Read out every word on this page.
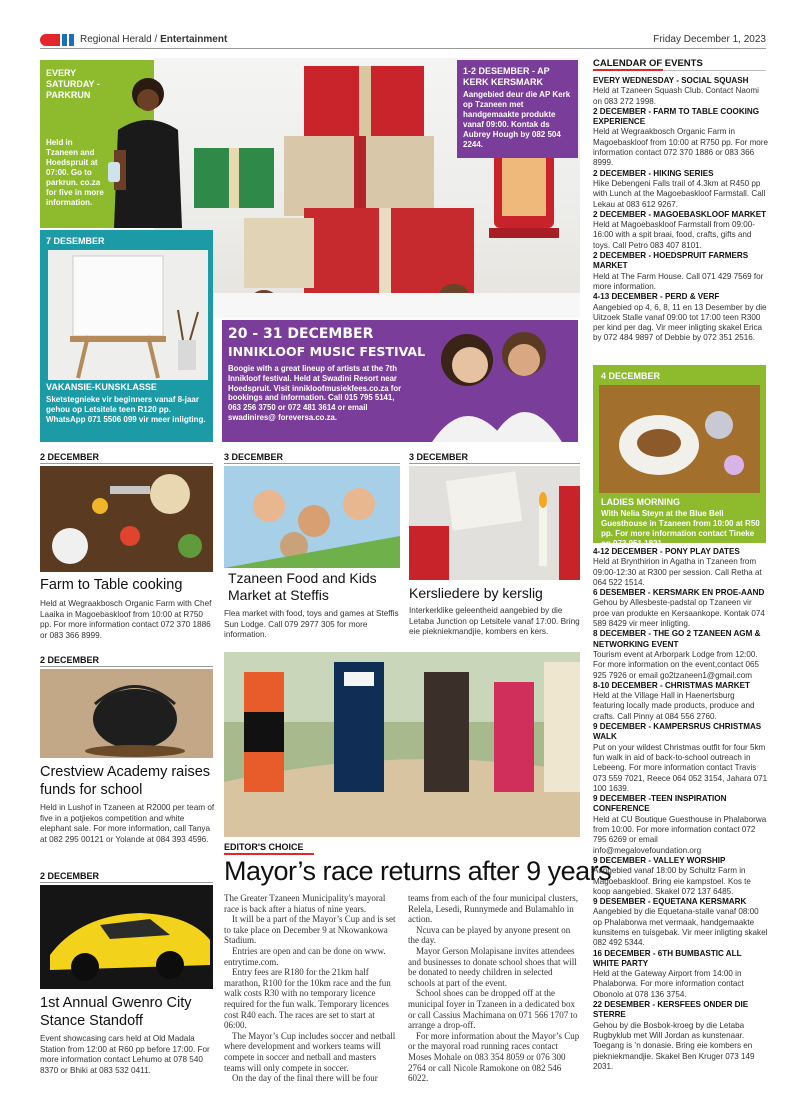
Regional Herald / Entertainment	Friday December 1, 2023
EVERY SATURDAY - PARKRUN
Held in Tzaneen and Hoedspruit at 07:00. Go to parkrun. co.za for five in more information.
1-2 DESEMBER - AP KERK KERSMARK
Aangebied deur die AP Kerk op Tzaneen met handgemaakte produkte vanaf 09:00. Kontak ds Aubrey Hough by 082 504 2244.
7 DESEMBER
VAKANSIE-KUNSKLASSE
Sketstegnieke vir beginners vanaf 8-jaar gehou op Letsitele teen R120 pp. WhatsApp 071 5506 099 vir meer inligting.
20 - 31 DECEMBER
INNIKLOOF MUSIC FESTIVAL
Boogie with a great lineup of artists at the 7th Innikloof festival. Held at Swadini Resort near Hoedspruit. Visit innikloofmusiekfees.co.za for bookings and information. Call 015 795 5141, 063 256 3750 or 072 481 3614 or email swadinires@ foreversa.co.za.
2 DECEMBER
Farm to Table cooking
Held at Wegraakbosch Organic Farm with Chef Laaika in Magoebaskloof from 10:00 at R750 pp. For more information contact 072 370 1886 or 083 366 8999.
3 DECEMBER
Tzaneen Food and Kids Market at Steffis
Flea market with food, toys and games at Steffis Sun Lodge. Call 079 2977 305 for more information.
3 DECEMBER
Kersliedere by kerslig
Interkerklike geleentheid aangebied by die Letaba Junction op Letsitele vanaf 17:00. Bring eie piekniekmandjie, kombers en kers.
4 DECEMBER
LADIES MORNING
With Nelia Steyn at the Blue Bell Guesthouse in Tzaneen from 10:00 at R50 pp. For more information contact Tineke on 073 951 1821.
2 DECEMBER
Crestview Academy raises funds for school
Held in Lushof in Tzaneen at R2000 per team of five in a potjiekos competition and white elephant sale. For more information, call Tanya at 082 295 00121 or Yolande at 084 393 4596.
EDITOR'S CHOICE
Mayor’s race returns after 9 years

The Greater Tzaneen Municipality's mayoral race is back after a hiatus of nine years.

It will be a part of the Mayor’s Cup and is set to take place on December 9 at Nkowankowa Stadium.

Entries are open and can be done on www. entrytime.com.

Entry fees are R180 for the 21km half marathon, R100 for the 10km race and the fun walk costs R30 with no temporary licence required for the fun walk. Temporary licences cost R40 each. The races are set to start at 06:00.

The Mayor’s Cup includes soccer and netball where development and workers teams will compete in soccer and netball and masters teams will only compete in soccer.

On the day of the final there will be four

teams from each of the four municipal clusters, Relela, Lesedi, Runnymede and Bulamahlo in action.

Ncuva can be played by anyone present on the day.

Mayor Gerson Molapisane invites attendees and businesses to donate school shoes that will be donated to needy children in selected schools at part of the event.

School shoes can be dropped off at the municipal foyer in Tzaneen in a dedicated box or call Cassius Machimana on 071 566 1707 to arrange a drop-off.

For more information about the Mayor’s Cup or the mayoral road running races contact Moses Mohale on 083 354 8059 or 076 300 2764 or call Nicole Ramokone on 082 546 6022.

2 DECEMBER
1st Annual Gwenro City Stance Standoff
Event showcasing cars held at Old Madala Station from 12:00 at R60 pp before 17:00. For more information contact Lehumo at 078 540 8370 or Bhiki at 083 532 0411.
CALENDAR OF EVENTS
EVERY WEDNESDAY - SOCIAL SQUASH
Held at Tzaneen Squash Club. Contact Naomi on 083 272 1998.
2 DECEMBER - FARM TO TABLE COOKING EXPERIENCE
Held at Wegraakbosch Organic Farm in Magoebaskloof from 10:00 at R750 pp. For more information contact 072 370 1886 or 083 366 8999.
2 DECEMBER - HIKING SERIES
Hike Debengeni Falls trail of 4.3km at R450 pp with Lunch at the Magoebaskloof Farmstall. Call Lekau at 083 612 9267.
2 DECEMBER - MAGOEBASKLOOF MARKET
Held at Magoebaskloof Farmstall from 09:00-16:00 with a spit braai, food, crafts, gifts and toys. Call Petro 083 407 8101.
2 DECEMBER - HOEDSPRUIT FARMERS MARKET
Held at The Farm House. Call 071 429 7569 for more information.
4-13 DECEMBER - PERD & VERF
Aangebied op 4, 6, 8, 11 en 13 Desember by die Uitzoek Stalle vanaf 09:00 tot 17:00 teen R300 per kind per dag. Vir meer inligting skakel Erica by 072 484 9897 of Debbie by 072 351 2516.
4-12 DECEMBER - PONY PLAY DATES
Held at Brynthirion in Agatha in Tzaneen from 09:00-12:30 at R300 per session. Call Retha at 064 522 1514.
6 DESEMBER - KERSMARK EN PROE-AAND
Gehou by Allesbeste-padstal op Tzaneen vir proe van produkte en Kersaankope. Kontak 074 589 8429 vir meer inligting.
8 DECEMBER - THE GO 2 TZANEEN AGM & NETWORKING EVENT
Tourism event at Arborpark Lodge from 12:00. For more information on the event,contact 065 925 7926 or email go2tzaneen1@gmail.com
8-10 DECEMBER - CHRISTMAS MARKET
Held at the Village Hall in Haenertsburg featuring locally made products, produce and crafts. Call Pinny at 084 556 2760.
9 DECEMBER - KAMPERSRUS CHRISTMAS WALK
Put on your wildest Christmas outfit for four 5km fun walk in aid of back-to-school outreach in Lebeeng. For more information contact Travis 073 559 7021, Reece 064 052 3154, Jahara 071 100 1639.
9 DECEMBER -TEEN INSPIRATION CONFERENCE
Held at CU Boutique Guesthouse in Phalaborwa from 10:00. For more information contact 072 795 6269 or email info@megalovefoundation.org
9 DECEMBER - VALLEY WORSHIP
Aangebied vanaf 18:00 by Schultz Farm in Magoebaskloof. Bring eie kampstoel. Kos te koop aangebied. Skakel 072 137 6485.
9 DESEMBER - EQUETANA KERSMARK
Aangebied by die Equetana-stalle vanaf 08:00 op Phalaborwa met vermaak, handgemaakte kunsitems en tuisgebak. Vir meer inligting skakel 082 492 5344.
16 DECEMBER - 6TH BUMBASTIC ALL WHITE PARTY
Held at the Gateway Airport from 14:00 in Phalaborwa. For more information contact Obonolo at 078 136 3754.
22 DESEMBER - KERSFEES ONDER DIE STERRE
Gehou by die Bosbok-kroeg by die Letaba Rugbyklub met Will Jordan as kunstenaar. Toegang is ’n donasie. Bring eie kombers en piekniekmandjie. Skakel Ben Kruger 073 149 2031.
